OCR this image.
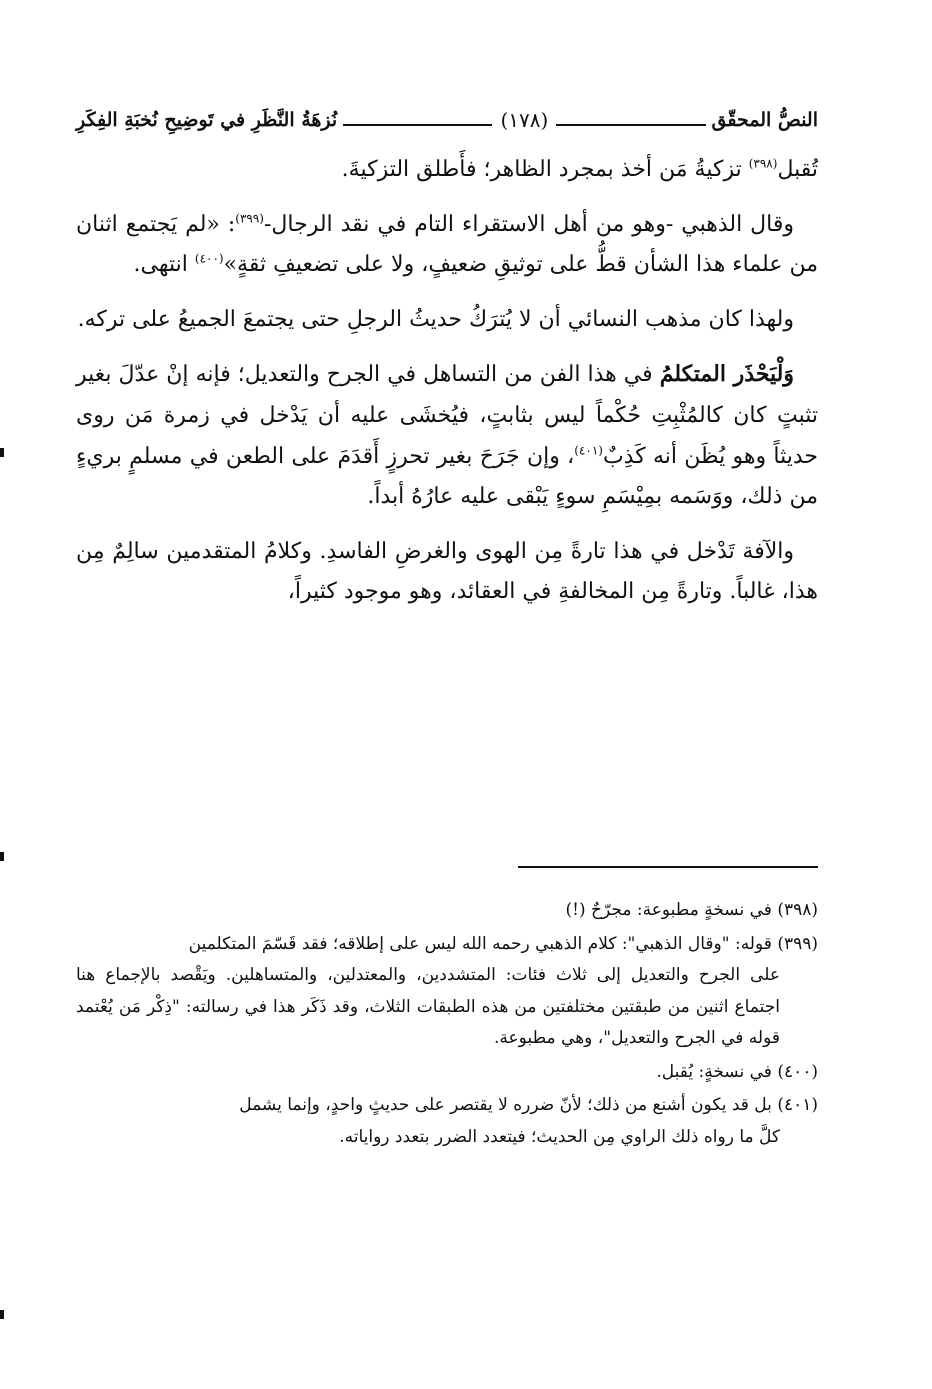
النصُّ المحقّق
(١٧٨)
نُزهَةُ النَّظَرِ في تَوضِيحِ نُخبَةِ الفِكَرِ

تُقبل$^{(٣٩٨)}$ تزكيةُ مَن أخذ بمجرد الظاهر؛ فأَطلق التزكيةَ.

وقال الذهبي -وهو من أهل الاستقراء التام في نقد الرجال-$^{(٣٩٩)}$: «لم يَجتمع اثنان من علماء هذا الشأن قطُّ على توثيقِ ضعيفٍ، ولا على تضعيفِ ثقةٍ»$^{(٤٠٠)}$ انتهى.

ولهذا كان مذهب النسائي أن لا يُترَكُ حديثُ الرجلِ حتى يجتمعَ الجميعُ على تركه.

وَلْيَحْذَر المتكلمُ في هذا الفن من التساهل في الجرح والتعديل؛ فإنه إنْ عدّلَ بغير تثبتٍ كان كالمُثْبِتِ حُكْماً ليس بثابتٍ، فيُخشَى عليه أن يَدْخل في زمرة مَن روى حديثاً وهو يُظَن أنه كَذِبٌ$^{(٤٠١)}$، وإن جَرَحَ بغير تحرزٍ أَقدَمَ على الطعن في مسلمٍ بريءٍ من ذلك، ووَسَمه بمِيْسَمِ سوءٍ يَبْقى عليه عارُهُ أبداً.

والآفة تَدْخل في هذا تارةً مِن الهوى والغرضِ الفاسدِ. وكلامُ المتقدمين سالِمٌ مِن هذا، غالباً. وتارةً مِن المخالفةِ في العقائد، وهو موجود كثيراً،

(٣٩٨) في نسخةٍ مطبوعة: مجرّحٌ (!)
(٣٩٩) قوله: "وقال الذهبي": كلام الذهبي رحمه الله ليس على إطلاقه؛ فقد قَسّمَ المتكلمين
على الجرح والتعديل إلى ثلاث فئات: المتشددين، والمعتدلين، والمتساهلين. ويَقْصد بالإجماع هنا اجتماع اثنين من طبقتين مختلفتين من هذه الطبقات الثلاث، وقد ذَكَر هذا في رسالته: "ذِكْر مَن يُعْتمد قوله في الجرح والتعديل"، وهي مطبوعة.
(٤٠٠) في نسخةٍ: يُقبل.
(٤٠١) بل قد يكون أشنع من ذلك؛ لأنّ ضرره لا يقتصر على حديثٍ واحدٍ، وإنما يشمل
كلَّ ما رواه ذلك الراوي مِن الحديث؛ فيتعدد الضرر بتعدد رواياته.
